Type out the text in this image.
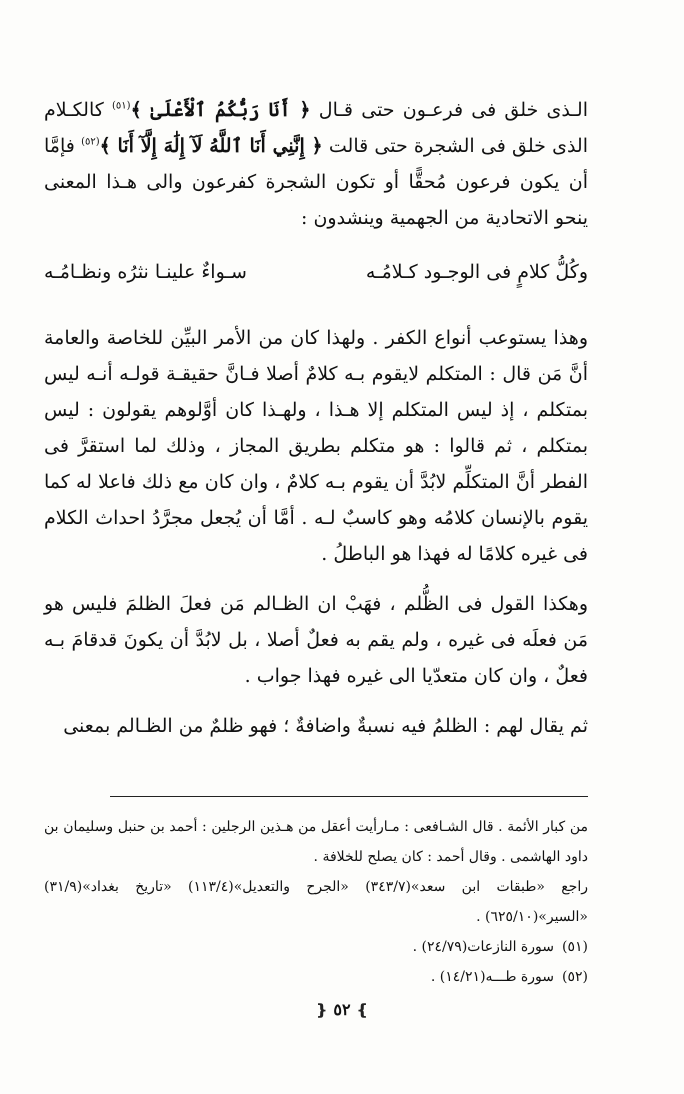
الـذى خلق فى فرعـون حتى قـال ﴿ أَنَا رَبُّكُمُ ٱلْأَعْلَىٰ ﴾$^{(٥١)}$ كالكـلام الذى خلق فى الشجرة حتى قالت ﴿ إِنَّنِي أَنَا ٱللَّهُ لَآ إِلَٰهَ إِلَّآ أَنَا ﴾$^{(٥٢)}$ فإمَّا أن يكون فرعون مُحقًّا أو تكون الشجرة كفرعون والى هـذا المعنى ينحو الاتحادية من الجهمية وينشدون :

وكُلُّ كلامٍ فى الوجـود كـلامُـه
سـواءٌ علينـا نثرُه ونظـامُـه

وهذا يستوعب أنواع الكفر . ولهذا كان من الأمر البيِّن للخاصة والعامة أنَّ مَن قال : المتكلم لايقوم بـه كلامٌ أصلا فـانَّ حقيقـة قولـه أنـه ليس بمتكلم ، إذ ليس المتكلم إلا هـذا ، ولهـذا كان أوَّلوهم يقولون : ليس بمتكلم ، ثم قالوا : هو متكلم بطريق المجاز ، وذلك لما استقرَّ فى الفطر أنَّ المتكلِّم لابُدَّ أن يقوم بـه كلامٌ ، وان كان مع ذلك فاعلا له كما يقوم بالإنسان كلامُه وهو كاسبٌ لـه . أمَّا أن يُجعل مجرَّدُ احداث الكلام فى غيره كلامًا له فهذا هو الباطلُ .

وهكذا القول فى الظُّلم ، فهَبْ ان الظـالم مَن فعلَ الظلمَ فليس هو مَن فعلَه فى غيره ، ولم يقم به فعلٌ أصلا ، بل لابُدَّ أن يكونَ قدقامَ بـه فعلٌ ، وان كان متعدّيا الى غيره فهذا جواب .

ثم يقال لهم : الظلمُ فيه نسبةٌ واضافةٌ ؛ فهو ظلمٌ من الظـالم بمعنى

من كبار الأئمة . قال الشـافعى : مـارأيت أعقل من هـذين الرجلين : أحمد بن حنبل وسليمان بن داود الهاشمى . وقال أحمد : كان يصلح للخلافة .

راجع «طبقات ابن سعد»(٣٤٣/٧) «الجرح والتعديل»(١١٣/٤) «تاريخ بغداد»(٣١/٩) «السير»(٦٢٥/١٠) .

(٥١)سورة النازعات(٢٤/٧٩) .

(٥٢)سورة طـــه(١٤/٢١) .

❵ ٥٢ ❴
